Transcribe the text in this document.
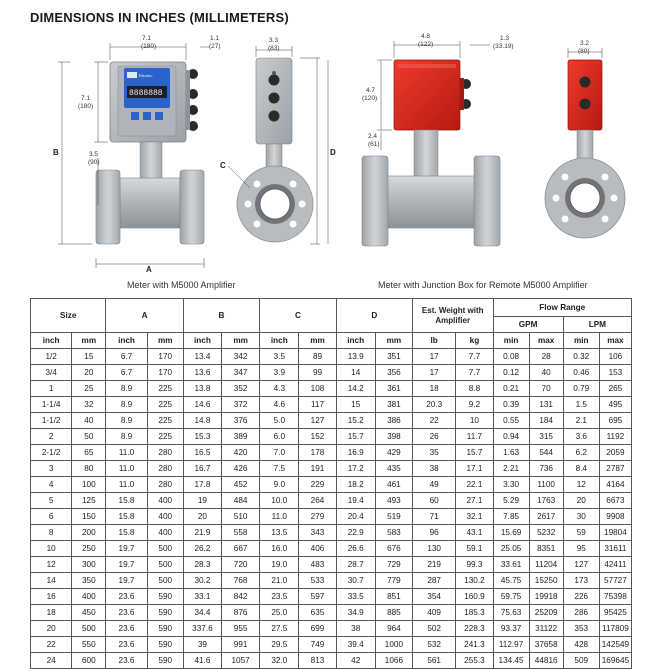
DIMENSIONS IN INCHES (MILLIMETERS)
Electro-
8888888
7.1
(180)
1.1
(27)
7.1
(180)
3.5
(90)
B
A
3.3
(83)
C
4.8
(122)
1.3
(33.19)
4.7
(120)
2.4
(61)
D
3.2
(80)
Meter with M5000 Amplifier	Meter with Junction Box for Remote M5000 Amplifier
Size		A		B		C		D		Est. Weight with Amplifier		Flow Range			
												GPM		LPM	
inch	mm	inch	mm	inch	mm	inch	mm	inch	mm	lb	kg	min	max	min	max
1/2	15	6.7	170	13.4	342	3.5	89	13.9	351	17	7.7	0.08	28	0.32	106
3/4	20	6.7	170	13.6	347	3.9	99	14	356	17	7.7	0.12	40	0.46	153
1	25	8.9	225	13.8	352	4.3	108	14.2	361	18	8.8	0.21	70	0.79	265
1-1/4	32	8.9	225	14.6	372	4.6	117	15	381	20.3	9.2	0.39	131	1.5	495
1-1/2	40	8.9	225	14.8	376	5.0	127	15.2	386	22	10	0.55	184	2.1	695
2	50	8.9	225	15.3	389	6.0	152	15.7	398	26	11.7	0.94	315	3.6	1192
2-1/2	65	11.0	280	16.5	420	7.0	178	16.9	429	35	15.7	1.63	544	6.2	2059
3	80	11.0	280	16.7	426	7.5	191	17.2	435	38	17.1	2.21	736	8.4	2787
4	100	11.0	280	17.8	452	9.0	229	18.2	461	49	22.1	3.30	1100	12	4164
5	125	15.8	400	19	484	10.0	264	19.4	493	60	27.1	5.29	1763	20	6673
6	150	15.8	400	20	510	11.0	279	20.4	519	71	32.1	7.85	2617	30	9908
8	200	15.8	400	21.9	558	13.5	343	22.9	583	96	43.1	15.69	5232	59	19804
10	250	19.7	500	26.2	667	16.0	406	26.6	676	130	59.1	25.05	8351	95	31611
12	300	19.7	500	28.3	720	19.0	483	28.7	729	219	99.3	33.61	11204	127	42411
14	350	19.7	500	30.2	768	21.0	533	30.7	779	287	130.2	45.75	15250	173	57727
16	400	23.6	590	33.1	842	23.5	597	33.5	851	354	160.9	59.75	19918	226	75398
18	450	23.6	590	34.4	876	25.0	635	34.9	885	409	185.3	75.63	25209	286	95425
20	500	23.6	590	337.6	955	27.5	699	38	964	502	228.3	93.37	31122	353	117809
22	550	23.6	590	39	991	29.5	749	39.4	1000	532	241.3	112.97	37658	428	142549
24	600	23.6	590	41.6	1057	32.0	813	42	1066	561	255.3	134.45	44816	509	169645
